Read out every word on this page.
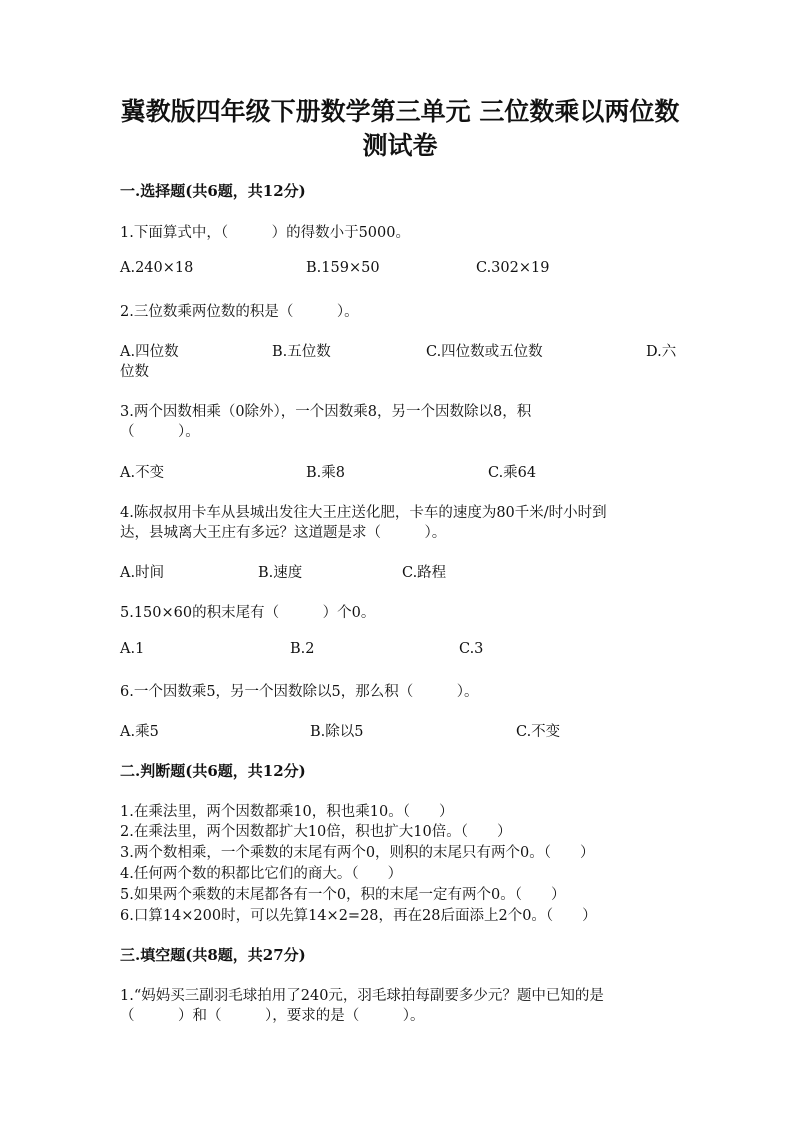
冀教版四年级下册数学第三单元 三位数乘以两位数
测试卷
一.选择题(共6题，共12分)
1.下面算式中，（　　　）的得数小于5000。
A.240×18	B.159×50	C.302×19
2.三位数乘两位数的积是（　　　）。
A.四位数	B.五位数	C.四位数或五位数	D.六
位数
3.两个因数相乘（0除外），一个因数乘8，另一个因数除以8，积
（　　　）。
A.不变	B.乘8	C.乘64
4.陈叔叔用卡车从县城出发往大王庄送化肥，卡车的速度为80千米/时小时到
达，县城离大王庄有多远？这道题是求（　　　）。
A.时间	B.速度	C.路程
5.150×60的积末尾有（　　　）个0。
A.1	B.2	C.3
6.一个因数乘5，另一个因数除以5，那么积（　　　）。
A.乘5	B.除以5	C.不变
二.判断题(共6题，共12分)
1.在乘法里，两个因数都乘10，积也乘10。（　　）
2.在乘法里，两个因数都扩大10倍，积也扩大10倍。（　　）
3.两个数相乘，一个乘数的末尾有两个0，则积的末尾只有两个0。（　　）
4.任何两个数的积都比它们的商大。（　　）
5.如果两个乘数的末尾都各有一个0，积的末尾一定有两个0。（　　）
6.口算14×200时，可以先算14×2=28，再在28后面添上2个0。（　　）
三.填空题(共8题，共27分)
1.“妈妈买三副羽毛球拍用了240元，羽毛球拍每副要多少元？题中已知的是
（　　　）和（　　　），要求的是（　　　）。
